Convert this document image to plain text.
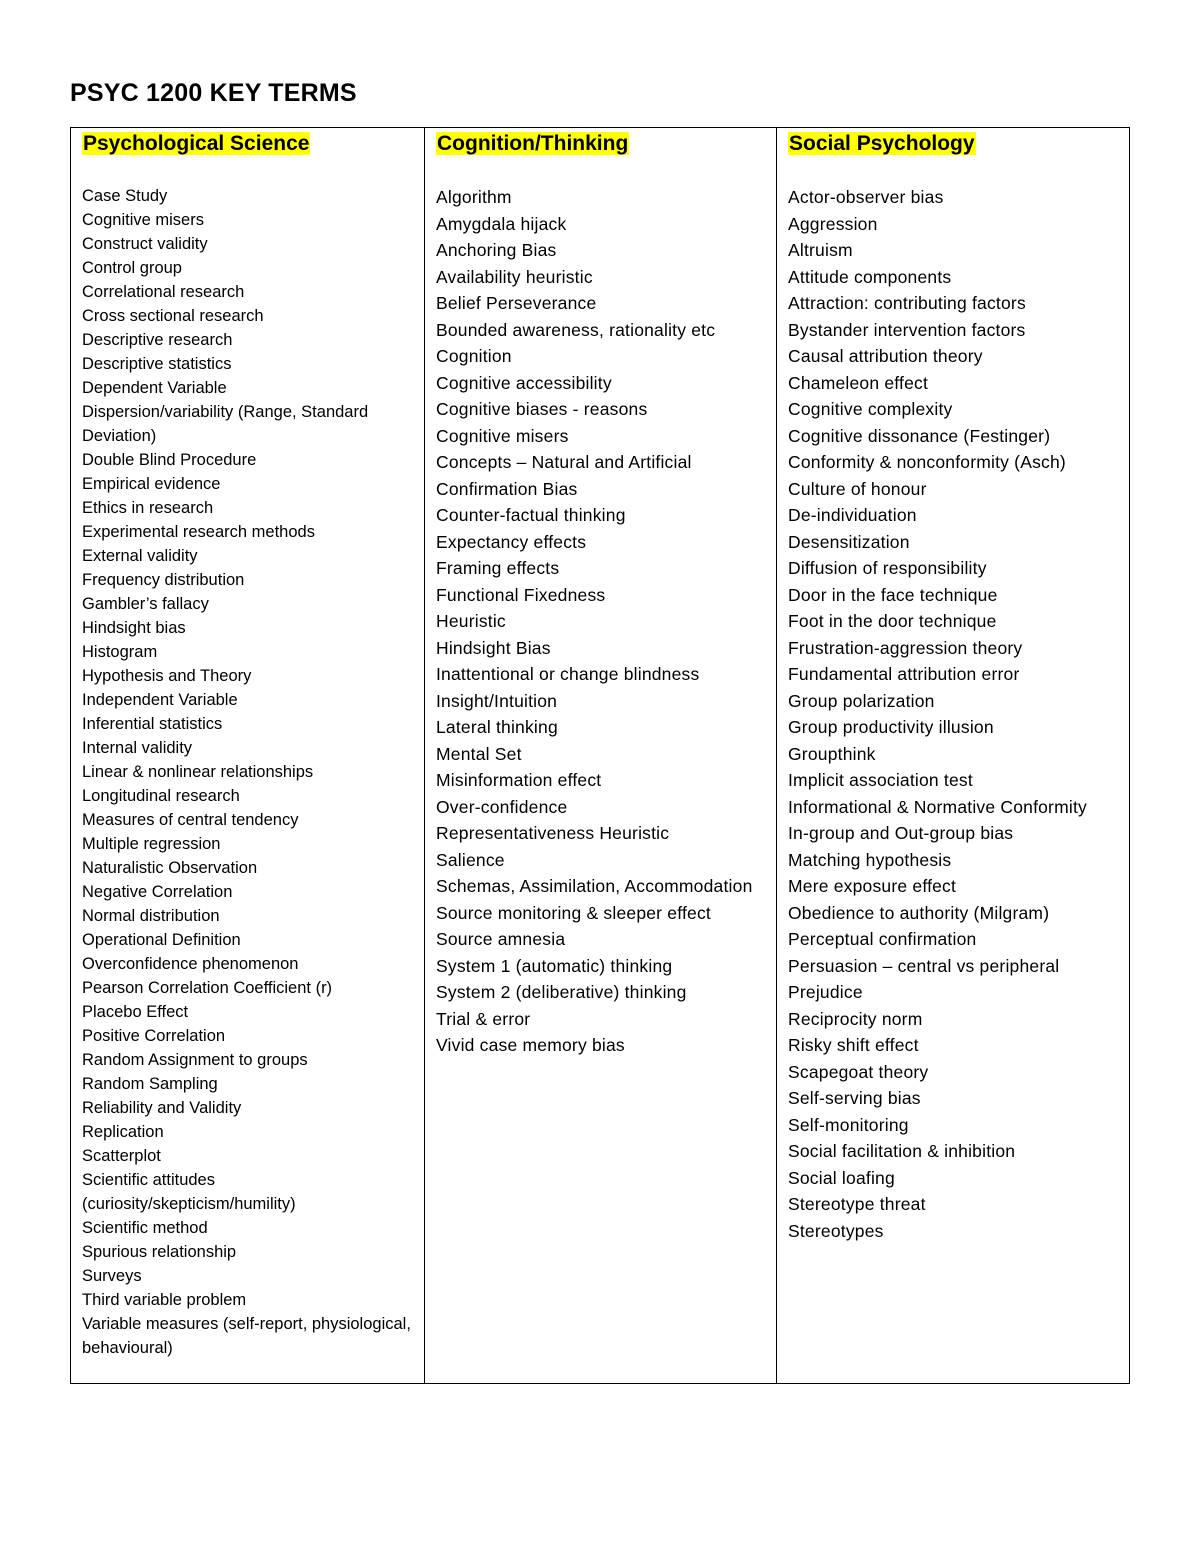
PSYC 1200 KEY TERMS
Psychological Science
Case Study
Cognitive misers
Construct validity
Control group
Correlational research
Cross sectional research
Descriptive research
Descriptive statistics
Dependent Variable
Dispersion/variability (Range, Standard Deviation)
Double Blind Procedure
Empirical evidence
Ethics in research
Experimental research methods
External validity
Frequency distribution
Gambler’s fallacy
Hindsight bias
Histogram
Hypothesis and Theory
Independent Variable
Inferential statistics
Internal validity
Linear & nonlinear relationships
Longitudinal research
Measures of central tendency
Multiple regression
Naturalistic Observation
Negative Correlation
Normal distribution
Operational Definition
Overconfidence phenomenon
Pearson Correlation Coefficient (r)
Placebo Effect
Positive Correlation
Random Assignment to groups
Random Sampling
Reliability and Validity
Replication
Scatterplot
Scientific attitudes (curiosity/skepticism/humility)
Scientific method
Spurious relationship
Surveys
Third variable problem
Variable measures (self-report, physiological, behavioural)
Cognition/Thinking
Algorithm
Amygdala hijack
Anchoring Bias
Availability heuristic
Belief Perseverance
Bounded awareness, rationality etc
Cognition
Cognitive accessibility
Cognitive biases - reasons
Cognitive misers
Concepts – Natural and Artificial
Confirmation Bias
Counter-factual thinking
Expectancy effects
Framing effects
Functional Fixedness
Heuristic
Hindsight Bias
Inattentional or change blindness
Insight/Intuition
Lateral thinking
Mental Set
Misinformation effect
Over-confidence
Representativeness Heuristic
Salience
Schemas, Assimilation, Accommodation
Source monitoring & sleeper effect
Source amnesia
System 1 (automatic) thinking
System 2 (deliberative) thinking
Trial & error
Vivid case memory bias
Social Psychology
Actor-observer bias
Aggression
Altruism
Attitude components
Attraction: contributing factors
Bystander intervention factors
Causal attribution theory
Chameleon effect
Cognitive complexity
Cognitive dissonance (Festinger)
Conformity & nonconformity (Asch)
Culture of honour
De-individuation
Desensitization
Diffusion of responsibility
Door in the face technique
Foot in the door technique
Frustration-aggression theory
Fundamental attribution error
Group polarization
Group productivity illusion
Groupthink
Implicit association test
Informational & Normative Conformity
In-group and Out-group bias
Matching hypothesis
Mere exposure effect
Obedience to authority (Milgram)
Perceptual confirmation
Persuasion – central vs peripheral
Prejudice
Reciprocity norm
Risky shift effect
Scapegoat theory
Self-serving bias
Self-monitoring
Social facilitation & inhibition
Social loafing
Stereotype threat
Stereotypes
